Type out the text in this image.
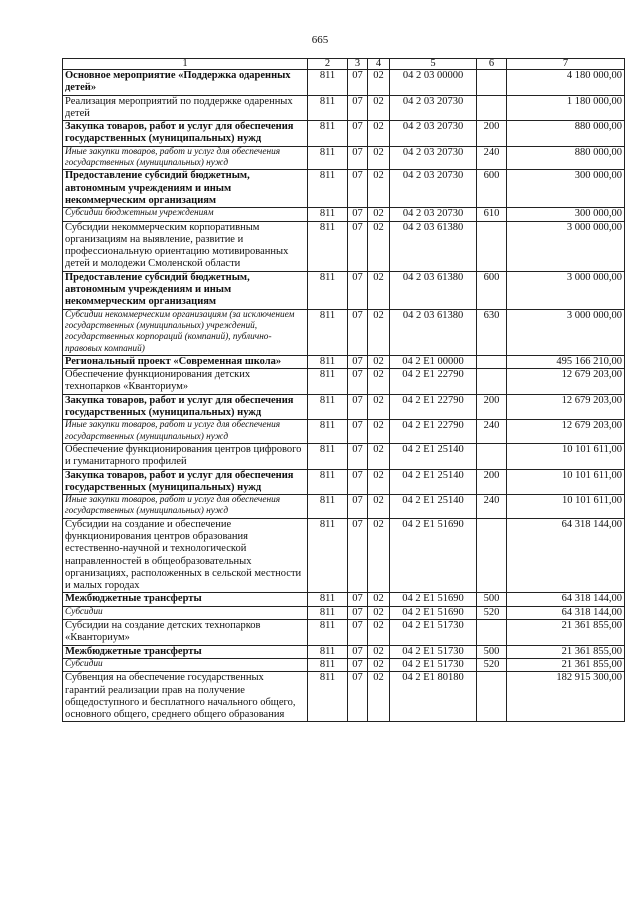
665
1	2	3	4	5	6	7
Основное мероприятие «Поддержка одаренных детей»	811	07	02	04 2 03 00000		4 180 000,00
Реализация мероприятий по поддержке одаренных детей	811	07	02	04 2 03 20730		1 180 000,00
Закупка товаров, работ и услуг для обеспечения государственных (муниципальных) нужд	811	07	02	04 2 03 20730	200	880 000,00
Иные закупки товаров, работ и услуг для обеспечения государственных (муниципальных) нужд	811	07	02	04 2 03 20730	240	880 000,00
Предоставление субсидий бюджетным, автономным учреждениям и иным некоммерческим организациям	811	07	02	04 2 03 20730	600	300 000,00
Субсидии бюджетным учреждениям	811	07	02	04 2 03 20730	610	300 000,00
Субсидии некоммерческим корпоративным организациям на выявление, развитие и профессиональную ориентацию мотивированных детей и молодежи Смоленской области	811	07	02	04 2 03 61380		3 000 000,00
Предоставление субсидий бюджетным, автономным учреждениям и иным некоммерческим организациям	811	07	02	04 2 03 61380	600	3 000 000,00
Субсидии некоммерческим организациям (за исключением государственных (муниципальных) учреждений, государственных корпораций (компаний), публично-правовых компаний)	811	07	02	04 2 03 61380	630	3 000 000,00
Региональный проект «Современная школа»	811	07	02	04 2 E1 00000		495 166 210,00
Обеспечение функционирования детских технопарков «Кванториум»	811	07	02	04 2 E1 22790		12 679 203,00
Закупка товаров, работ и услуг для обеспечения государственных (муниципальных) нужд	811	07	02	04 2 E1 22790	200	12 679 203,00
Иные закупки товаров, работ и услуг для обеспечения государственных (муниципальных) нужд	811	07	02	04 2 E1 22790	240	12 679 203,00
Обеспечение функционирования центров цифрового и гуманитарного профилей	811	07	02	04 2 E1 25140		10 101 611,00
Закупка товаров, работ и услуг для обеспечения государственных (муниципальных) нужд	811	07	02	04 2 E1 25140	200	10 101 611,00
Иные закупки товаров, работ и услуг для обеспечения государственных (муниципальных) нужд	811	07	02	04 2 E1 25140	240	10 101 611,00
Субсидии на создание и обеспечение функционирования центров образования естественно-научной и технологической направленностей в общеобразовательных организациях, расположенных в сельской местности и малых городах	811	07	02	04 2 E1 51690		64 318 144,00
Межбюджетные трансферты	811	07	02	04 2 E1 51690	500	64 318 144,00
Субсидии	811	07	02	04 2 E1 51690	520	64 318 144,00
Субсидии на создание детских технопарков «Кванториум»	811	07	02	04 2 E1 51730		21 361 855,00
Межбюджетные трансферты	811	07	02	04 2 E1 51730	500	21 361 855,00
Субсидии	811	07	02	04 2 E1 51730	520	21 361 855,00
Субвенция на обеспечение государственных гарантий реализации прав на получение общедоступного и бесплатного начального общего, основного общего, среднего общего образования	811	07	02	04 2 E1 80180		182 915 300,00
